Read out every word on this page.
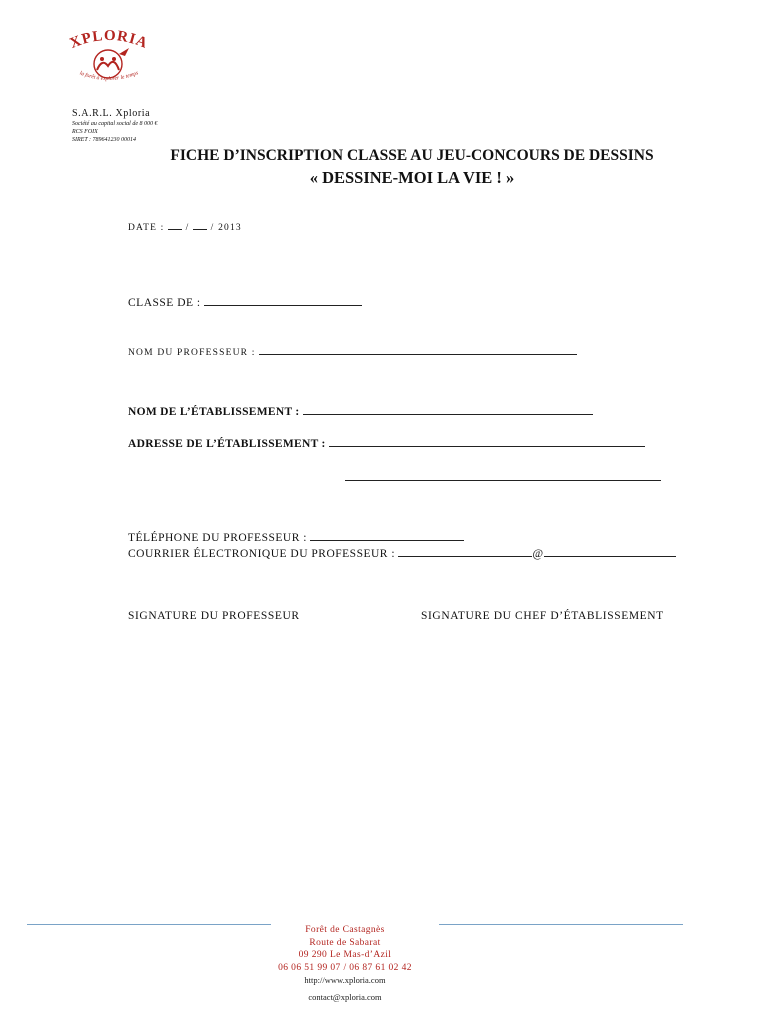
XPLORIA
la forêt à explorer le temps
S.A.R.L. Xploria
Société au capital social de 8 000 €
RCS FOIX
SIRET : 789641230 00014
FICHE D’INSCRIPTION CLASSE AU JEU-CONCOURS DE DESSINS
« DESSINE-MOI LA VIE ! »
DATE : / / 2013
CLASSE DE :
NOM DU PROFESSEUR :
NOM DE L’ÉTABLISSEMENT :
ADRESSE DE L’ÉTABLISSEMENT :
TÉLÉPHONE DU PROFESSEUR :
COURRIER ÉLECTRONIQUE DU PROFESSEUR :	@
SIGNATURE DU PROFESSEUR	SIGNATURE DU CHEF D’ÉTABLISSEMENT
Forêt de Castagnès
Route de Sabarat
09 290 Le Mas-d’Azil
06 06 51 99 07 / 06 87 61 02 42
http://www.xploria.com
contact@xploria.com
